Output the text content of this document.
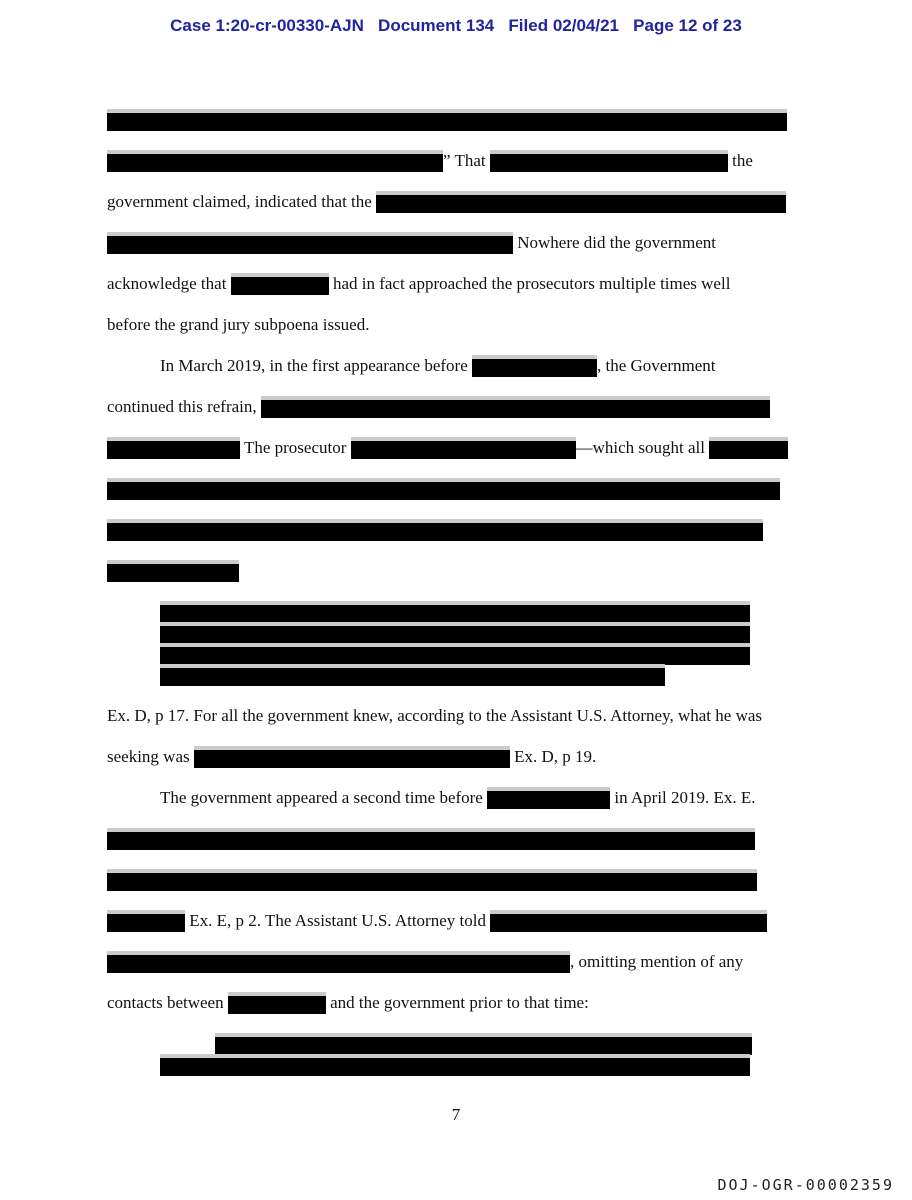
Case 1:20-cr-00330-AJN   Document 134   Filed 02/04/21   Page 12 of 23
” That	the
government claimed, indicated that the
Nowhere did the government
acknowledge that	had in fact approached the prosecutors multiple times well
before the grand jury subpoena issued.
In March 2019, in the first appearance before	, the Government
continued this refrain,
The prosecutor	—which sought all
Ex. D, p 17. For all the government knew, according to the Assistant U.S. Attorney, what he was
seeking was	Ex. D, p 19.
The government appeared a second time before	in April 2019. Ex. E.
Ex. E, p 2. The Assistant U.S. Attorney told
, omitting mention of any
contacts between	and the government prior to that time:
7
DOJ-OGR-00002359
